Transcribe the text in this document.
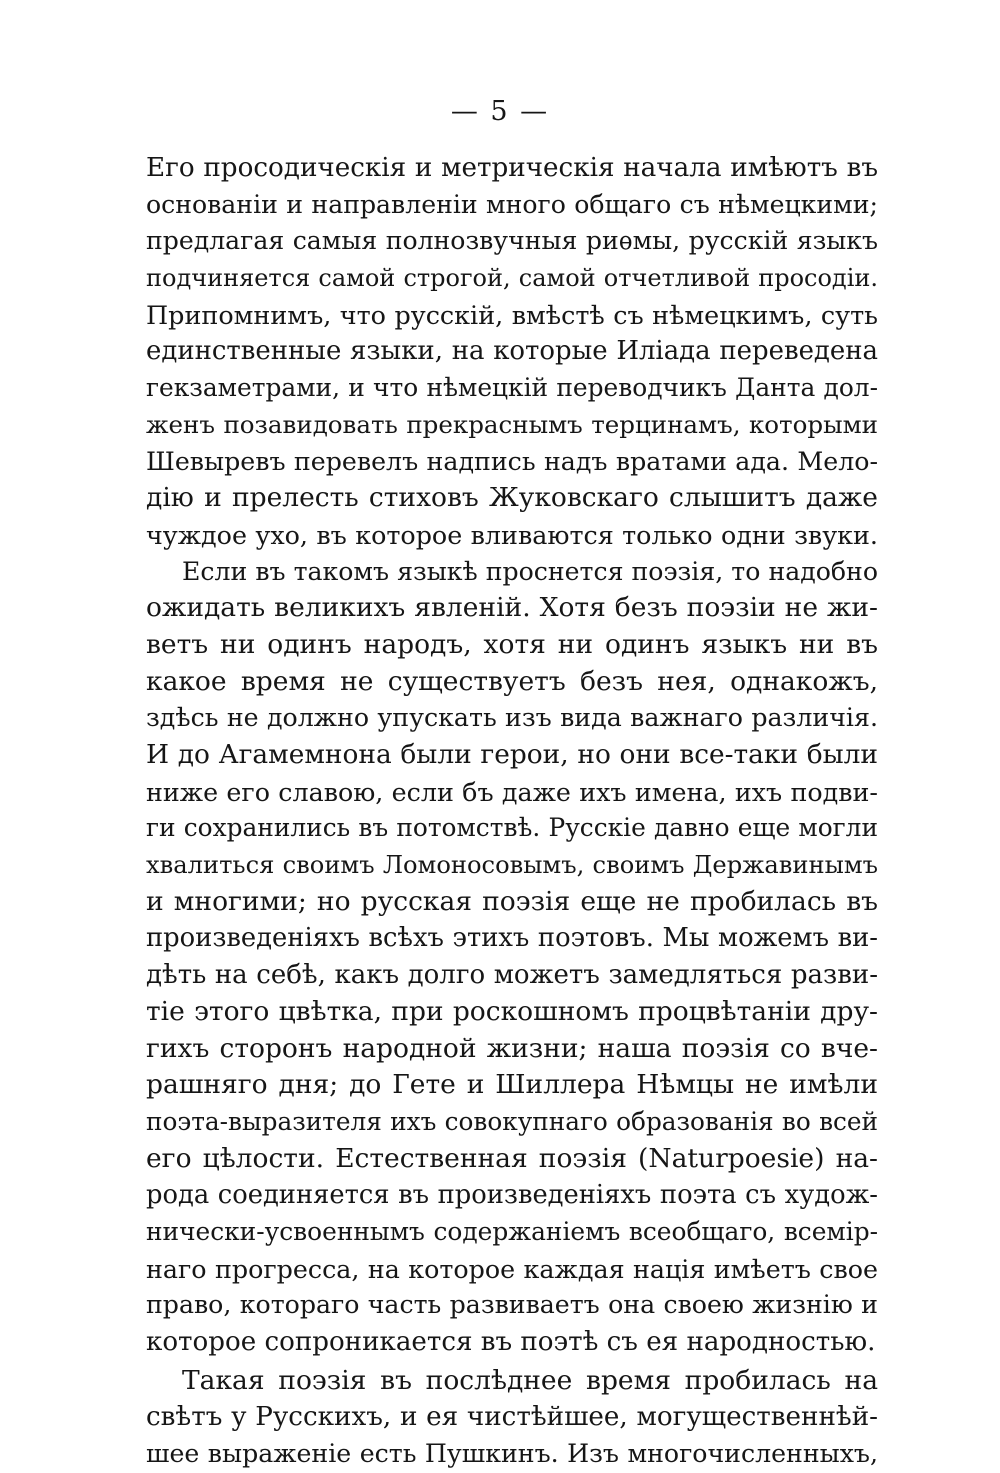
— 5 —
Его просодическія и метрическія начала имѣютъ въ
основаніи и направленіи много общаго съ нѣмецкими;
предлагая самыя полнозвучныя риѳмы, русскій языкъ
подчиняется самой строгой, самой отчетливой просодіи.
Припомнимъ, что русскій, вмѣстѣ съ нѣмецкимъ, суть
единственные языки, на которые Иліада переведена
гекзаметрами, и что нѣмецкій переводчикъ Данта дол-
женъ позавидовать прекраснымъ терцинамъ, которыми
Шевыревъ перевелъ надпись надъ вратами ада. Мело-
дію и прелесть стиховъ Жуковскаго слышитъ даже
чуждое ухо, въ которое вливаются только одни звуки.
Если въ такомъ языкѣ проснется поэзія, то надобно
ожидать великихъ явленій. Хотя безъ поэзіи не жи-
ветъ ни одинъ народъ, хотя ни одинъ языкъ ни въ
какое время не существуетъ безъ нея, однакожъ,
здѣсь не должно упускать изъ вида важнаго различія.
И до Агамемнона были герои, но они все-таки были
ниже его славою, если бъ даже ихъ имена, ихъ подви-
ги сохранились въ потомствѣ. Русскіе давно еще могли
хвалиться своимъ Ломоносовымъ, своимъ Державинымъ
и многими; но русская поэзія еще не пробилась въ
произведеніяхъ всѣхъ этихъ поэтовъ. Мы можемъ ви-
дѣть на себѣ, какъ долго можетъ замедляться разви-
тіе этого цвѣтка, при роскошномъ процвѣтаніи дру-
гихъ сторонъ народной жизни; наша поэзія со вче-
рашняго дня; до Гете и Шиллера Нѣмцы не имѣли
поэта-выразителя ихъ совокупнаго образованія во всей
его цѣлости. Естественная поэзія (Naturpoesie) на-
рода соединяется въ произведеніяхъ поэта съ худож-
нически-усвоеннымъ содержаніемъ всеобщаго, всемір-
наго прогресса, на которое каждая нація имѣетъ свое
право, котораго часть развиваетъ она своею жизнію и
которое сопроникается въ поэтѣ съ ея народностью.
Такая поэзія въ послѣднее время пробилась на
свѣтъ у Русскихъ, и ея чистѣйшее, могущественнѣй-
шее выраженіе есть Пушкинъ. Изъ многочисленныхъ,
